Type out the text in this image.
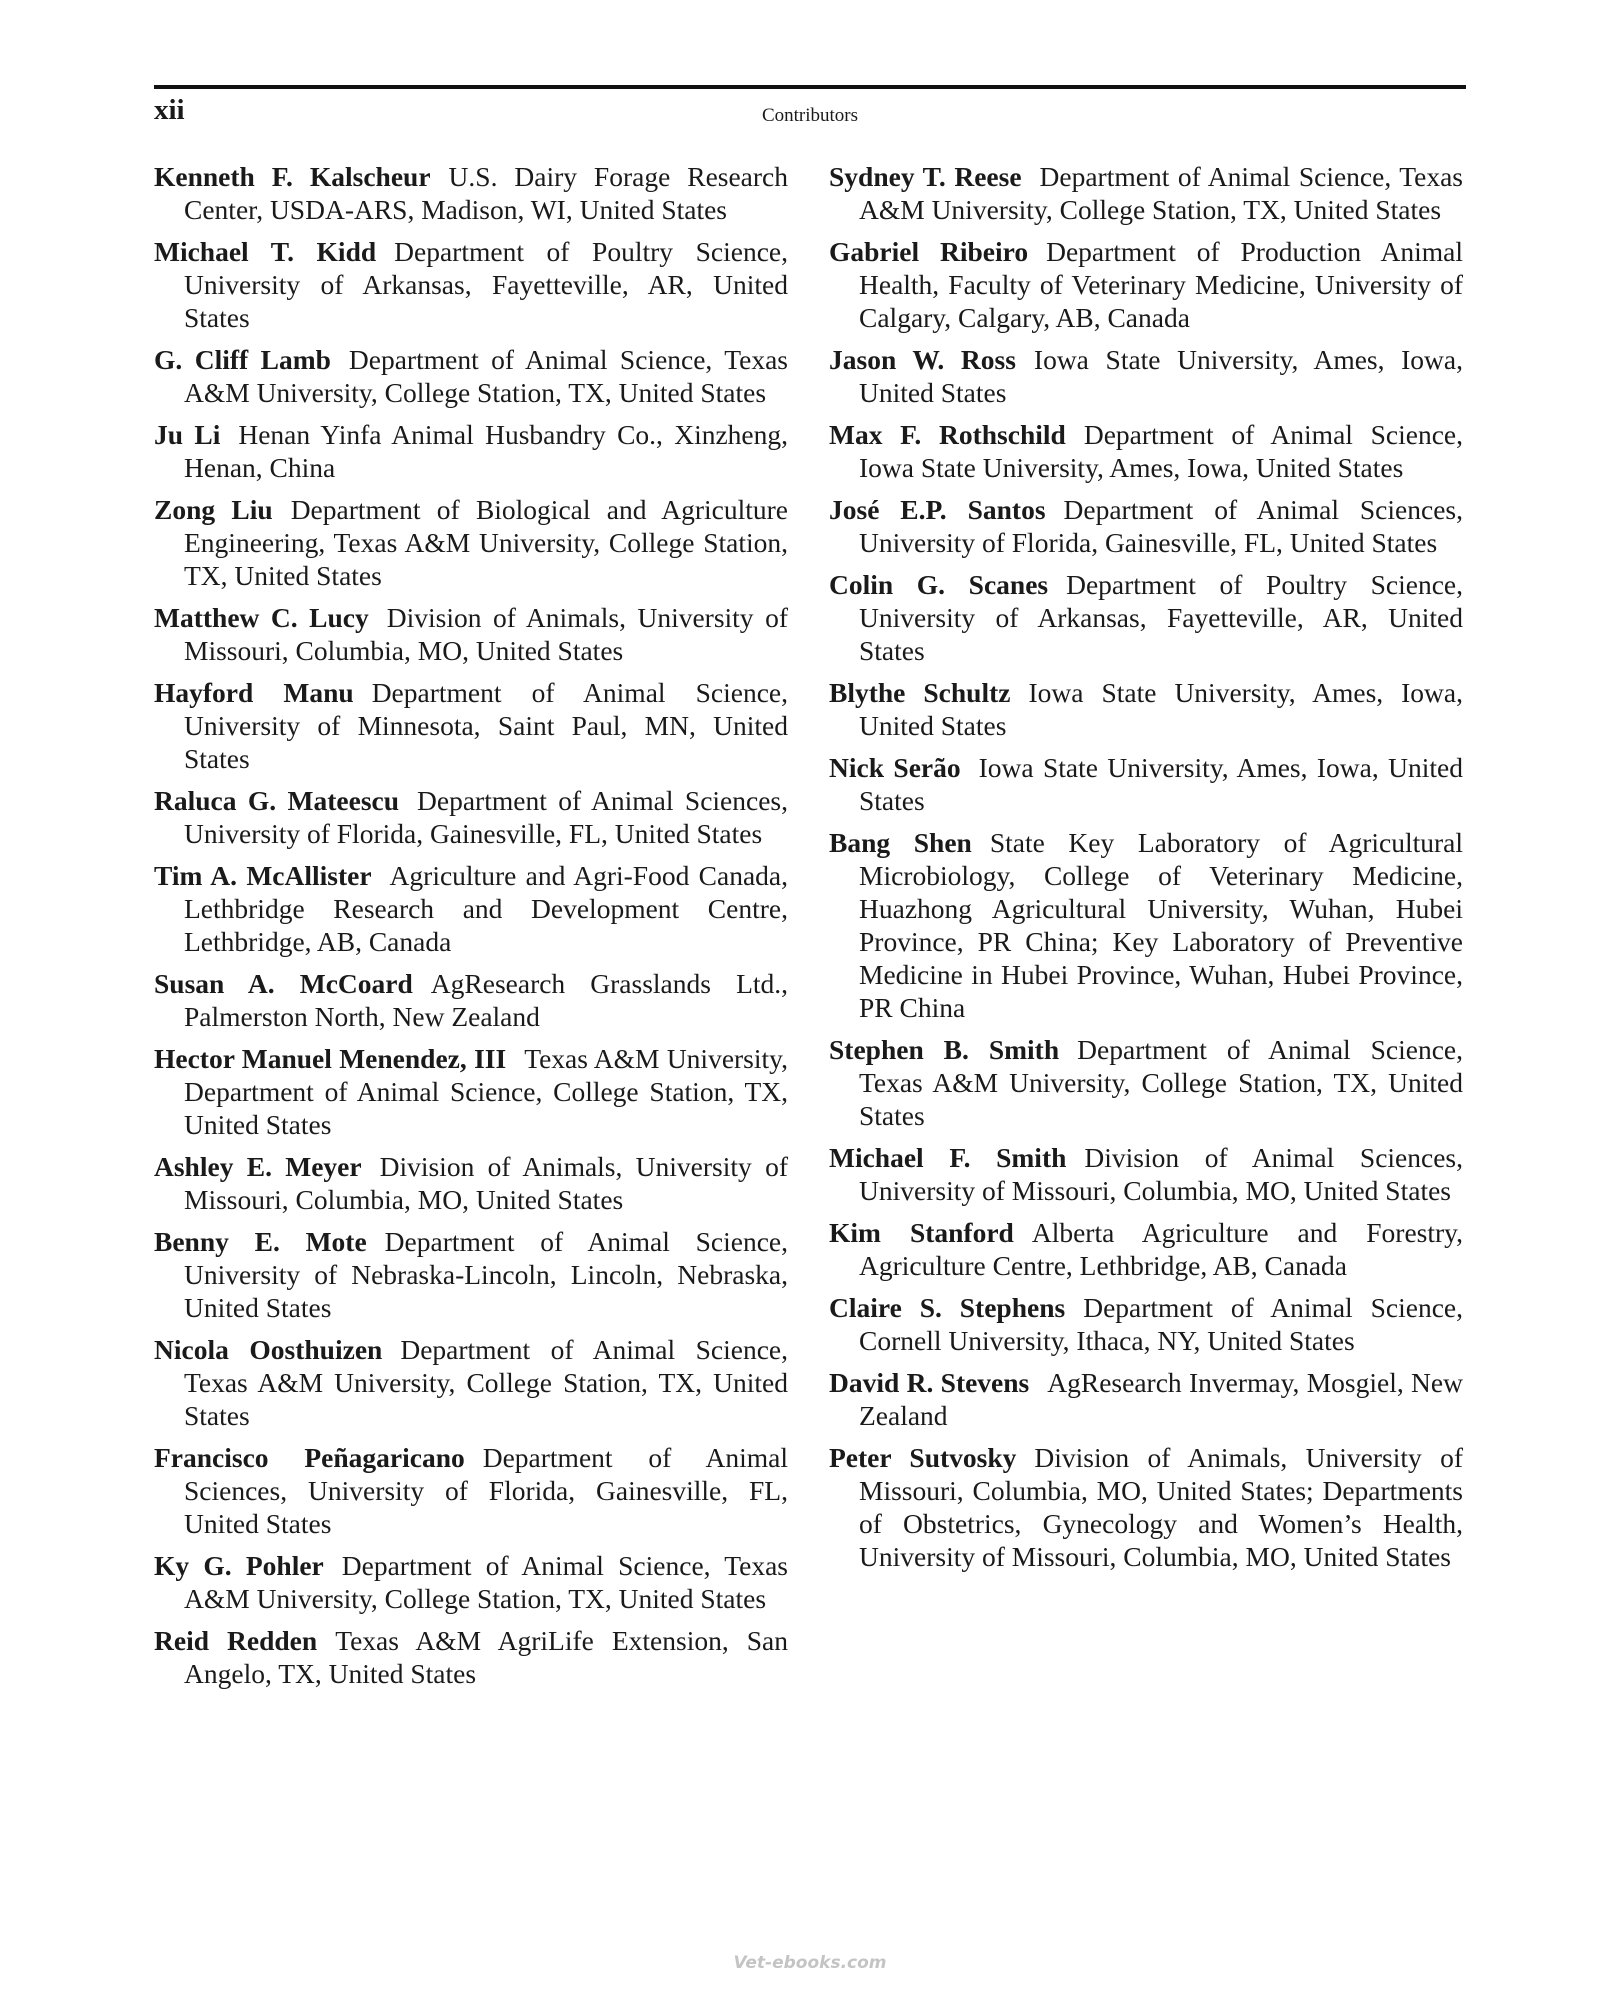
xii	Contributors

Kenneth F. Kalscheur U.S. Dairy Forage Research Center, USDA-ARS, Madison, WI, United States

Michael T. Kidd Department of Poultry Science, University of Arkansas, Fayetteville, AR, United States

G. Cliff Lamb Department of Animal Science, Texas A&M University, College Station, TX, United States

Ju Li Henan Yinfa Animal Husbandry Co., Xinzheng, Henan, China

Zong Liu Department of Biological and Agriculture Engineering, Texas A&M University, College Station, TX, United States

Matthew C. Lucy Division of Animals, University of Missouri, Columbia, MO, United States

Hayford Manu Department of Animal Science, University of Minnesota, Saint Paul, MN, United States

Raluca G. Mateescu Department of Animal Sciences, University of Florida, Gainesville, FL, United States

Tim A. McAllister Agriculture and Agri-Food Canada, Lethbridge Research and Development Centre, Lethbridge, AB, Canada

Susan A. McCoard AgResearch Grasslands Ltd., Palmerston North, New Zealand

Hector Manuel Menendez, III Texas A&M University, Department of Animal Science, College Station, TX, United States

Ashley E. Meyer Division of Animals, University of Missouri, Columbia, MO, United States

Benny E. Mote Department of Animal Science, University of Nebraska-Lincoln, Lincoln, Nebraska, United States

Nicola Oosthuizen Department of Animal Science, Texas A&M University, College Station, TX, United States

Francisco Peñagaricano Department of Animal Sciences, University of Florida, Gainesville, FL, United States

Ky G. Pohler Department of Animal Science, Texas A&M University, College Station, TX, United States

Reid Redden Texas A&M AgriLife Extension, San Angelo, TX, United States

Sydney T. Reese Department of Animal Science, Texas A&M University, College Station, TX, United States

Gabriel Ribeiro Department of Production Animal Health, Faculty of Veterinary Medicine, University of Calgary, Calgary, AB, Canada

Jason W. Ross Iowa State University, Ames, Iowa, United States

Max F. Rothschild Department of Animal Science, Iowa State University, Ames, Iowa, United States

José E.P. Santos Department of Animal Sciences, University of Florida, Gainesville, FL, United States

Colin G. Scanes Department of Poultry Science, University of Arkansas, Fayetteville, AR, United States

Blythe Schultz Iowa State University, Ames, Iowa, United States

Nick Serão Iowa State University, Ames, Iowa, United States

Bang Shen State Key Laboratory of Agricultural Microbiology, College of Veterinary Medicine, Huazhong Agricultural University, Wuhan, Hubei Province, PR China; Key Laboratory of Preventive Medicine in Hubei Province, Wuhan, Hubei Province, PR China

Stephen B. Smith Department of Animal Science, Texas A&M University, College Station, TX, United States

Michael F. Smith Division of Animal Sciences, University of Missouri, Columbia, MO, United States

Kim Stanford Alberta Agriculture and Forestry, Agriculture Centre, Lethbridge, AB, Canada

Claire S. Stephens Department of Animal Science, Cornell University, Ithaca, NY, United States

David R. Stevens AgResearch Invermay, Mosgiel, New Zealand

Peter Sutvosky Division of Animals, University of Missouri, Columbia, MO, United States; Departments of Obstetrics, Gynecology and Women’s Health, University of Missouri, Columbia, MO, United States

Vet-ebooks.com
